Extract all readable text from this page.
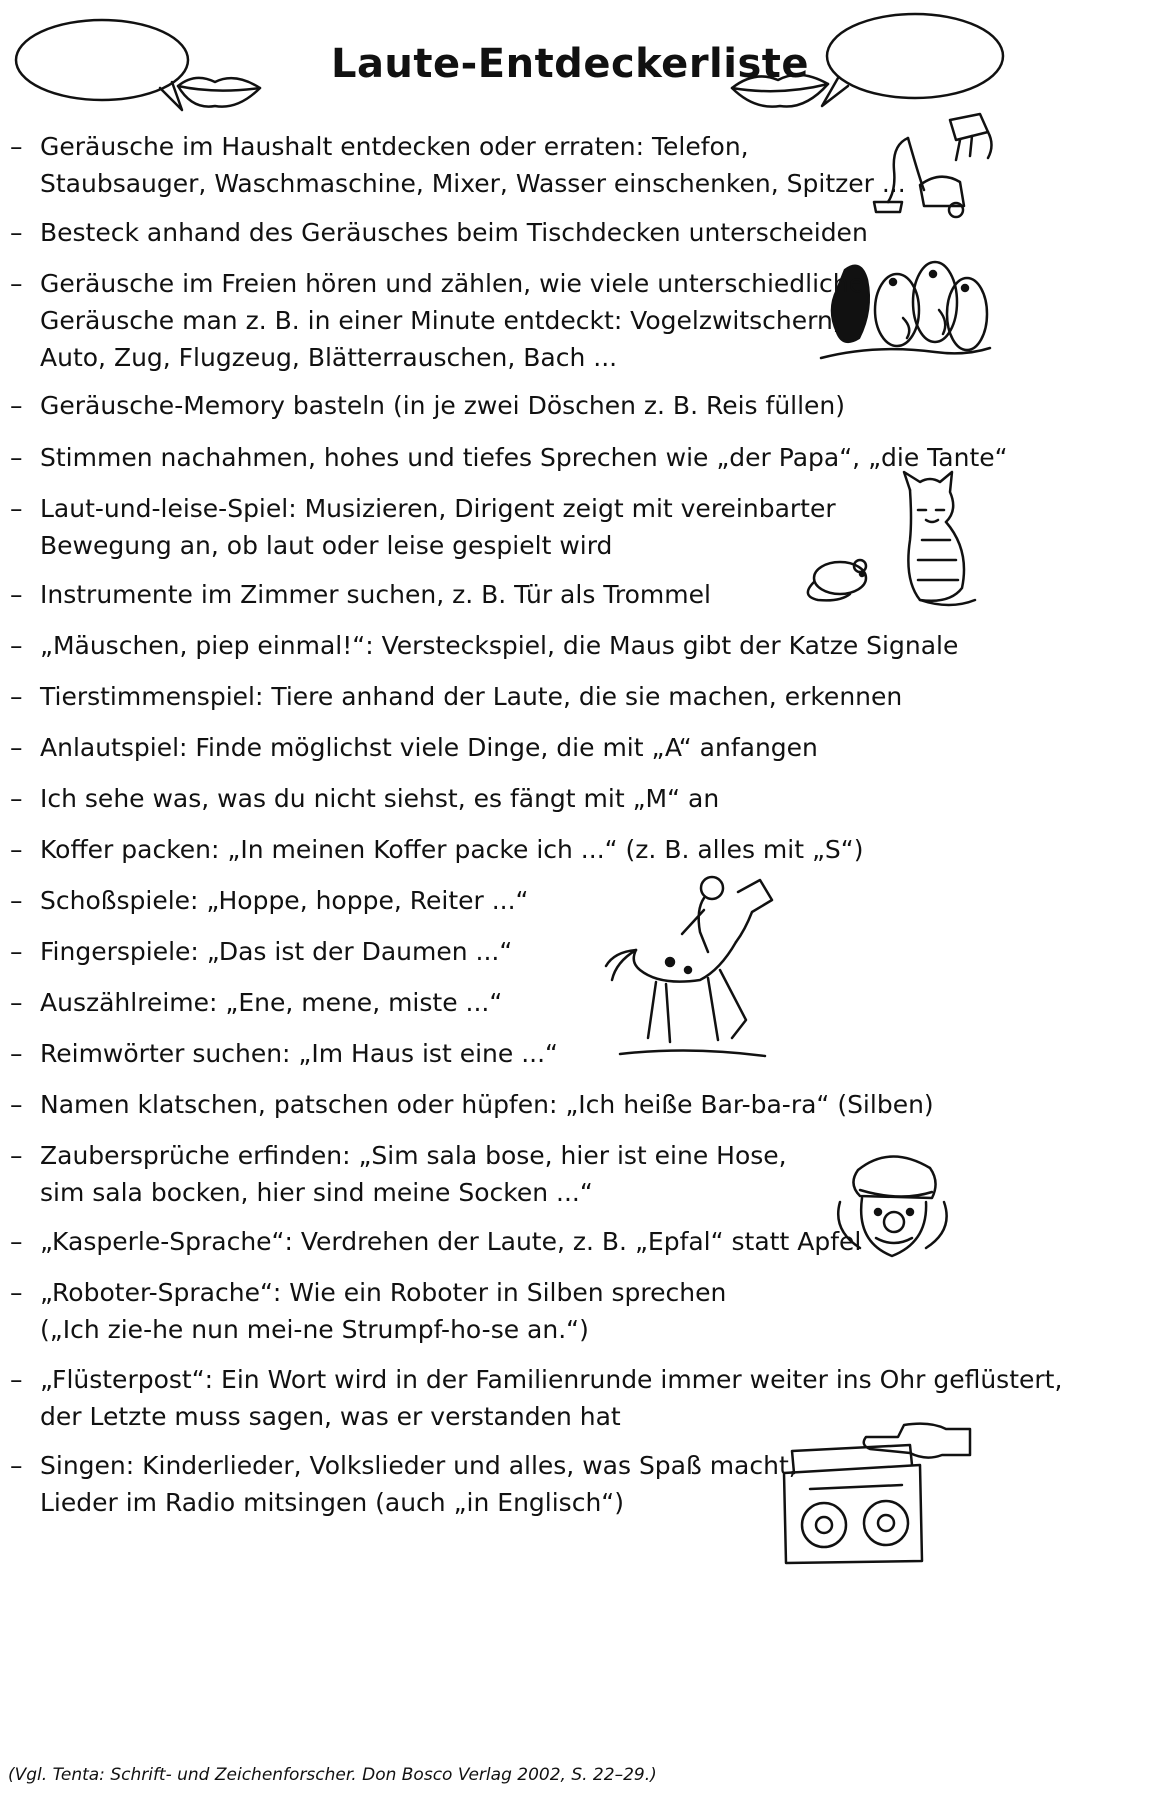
Laute-Entdeckerliste
– Geräusche im Haushalt entdecken oder erraten: Telefon,
Staubsauger, Waschmaschine, Mixer, Wasser einschenken, Spitzer ...
– Besteck anhand des Geräusches beim Tischdecken unterscheiden
– Geräusche im Freien hören und zählen, wie viele unterschiedliche
Geräusche man z. B. in einer Minute entdeckt: Vogelzwitschern,
Auto, Zug, Flugzeug, Blätterrauschen, Bach ...
– Geräusche-Memory basteln (in je zwei Döschen z. B. Reis füllen)
– Stimmen nachahmen, hohes und tiefes Sprechen wie „der Papa“, „die Tante“
– Laut-und-leise-Spiel: Musizieren, Dirigent zeigt mit vereinbarter
Bewegung an, ob laut oder leise gespielt wird
– Instrumente im Zimmer suchen, z. B. Tür als Trommel
– „Mäuschen, piep einmal!“: Versteckspiel, die Maus gibt der Katze Signale
– Tierstimmenspiel: Tiere anhand der Laute, die sie machen, erkennen
– Anlautspiel: Finde möglichst viele Dinge, die mit „A“ anfangen
– Ich sehe was, was du nicht siehst, es fängt mit „M“ an
– Koffer packen: „In meinen Koffer packe ich ...“ (z. B. alles mit „S“)
– Schoßspiele: „Hoppe, hoppe, Reiter ...“
– Fingerspiele: „Das ist der Daumen ...“
– Auszählreime: „Ene, mene, miste ...“
– Reimwörter suchen: „Im Haus ist eine ...“
– Namen klatschen, patschen oder hüpfen: „Ich heiße Bar-ba-ra“ (Silben)
– Zaubersprüche erfinden: „Sim sala bose, hier ist eine Hose,
sim sala bocken, hier sind meine Socken ...“
– „Kasperle-Sprache“: Verdrehen der Laute, z. B. „Epfal“ statt Apfel
– „Roboter-Sprache“: Wie ein Roboter in Silben sprechen
(„Ich zie-he nun mei-ne Strumpf-ho-se an.“)
– „Flüsterpost“: Ein Wort wird in der Familienrunde immer weiter ins Ohr geflüstert,
der Letzte muss sagen, was er verstanden hat
– Singen: Kinderlieder, Volkslieder und alles, was Spaß macht,
Lieder im Radio mitsingen (auch „in Englisch“)
(Vgl. Tenta: Schrift- und Zeichenforscher. Don Bosco Verlag 2002, S. 22–29.)
